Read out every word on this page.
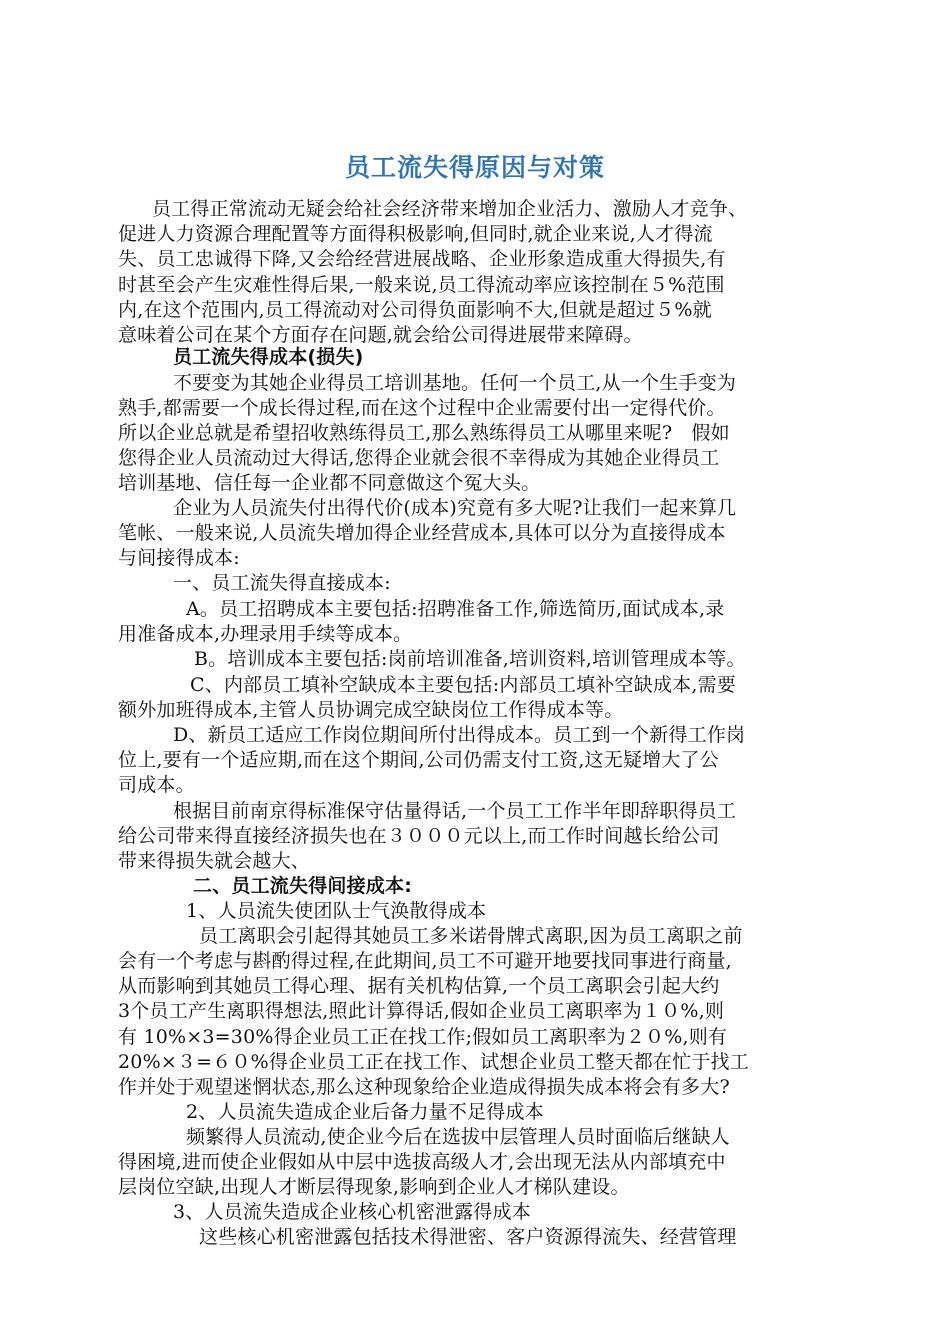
员工流失得原因与对策
员工得正常流动无疑会给社会经济带来增加企业活力、激励人才竞争、
促进人力资源合理配置等方面得积极影响,但同时,就企业来说,人才得流
失、员工忠诚得下降,又会给经营进展战略、企业形象造成重大得损失,有
时甚至会产生灾难性得后果,一般来说,员工得流动率应该控制在５%范围
内,在这个范围内,员工得流动对公司得负面影响不大,但就是超过５%就
意味着公司在某个方面存在问题,就会给公司得进展带来障碍。
员工流失得成本(损失)
不要变为其她企业得员工培训基地。任何一个员工,从一个生手变为
熟手,都需要一个成长得过程,而在这个过程中企业需要付出一定得代价。
所以企业总就是希望招收熟练得员工,那么熟练得员工从哪里来呢?　假如
您得企业人员流动过大得话,您得企业就会很不幸得成为其她企业得员工
培训基地、信任每一企业都不同意做这个冤大头。
企业为人员流失付出得代价(成本)究竟有多大呢?让我们一起来算几
笔帐、一般来说,人员流失增加得企业经营成本,具体可以分为直接得成本
与间接得成本:
一、员工流失得直接成本:
A。员工招聘成本主要包括:招聘准备工作,筛选简历,面试成本,录
用准备成本,办理录用手续等成本。
B。培训成本主要包括:岗前培训准备,培训资料,培训管理成本等。
C、内部员工填补空缺成本主要包括:内部员工填补空缺成本,需要
额外加班得成本,主管人员协调完成空缺岗位工作得成本等。
D、新员工适应工作岗位期间所付出得成本。员工到一个新得工作岗
位上,要有一个适应期,而在这个期间,公司仍需支付工资,这无疑增大了公
司成本。
根据目前南京得标准保守估量得话,一个员工工作半年即辞职得员工
给公司带来得直接经济损失也在３０００元以上,而工作时间越长给公司
带来得损失就会越大、
二、员工流失得间接成本:
1、人员流失使团队士气涣散得成本
员工离职会引起得其她员工多米诺骨牌式离职,因为员工离职之前
会有一个考虑与斟酌得过程,在此期间,员工不可避开地要找同事进行商量,
从而影响到其她员工得心理、据有关机构估算,一个员工离职会引起大约
3个员工产生离职得想法,照此计算得话,假如企业员工离职率为１０%,则
有 10%×3=30%得企业员工正在找工作;假如员工离职率为２０%,则有
20%×３=６０%得企业员工正在找工作、试想企业员工整天都在忙于找工
作并处于观望迷惘状态,那么这种现象给企业造成得损失成本将会有多大?
2、人员流失造成企业后备力量不足得成本
频繁得人员流动,使企业今后在选拔中层管理人员时面临后继缺人
得困境,进而使企业假如从中层中选拔高级人才,会出现无法从内部填充中
层岗位空缺,出现人才断层得现象,影响到企业人才梯队建设。
3、人员流失造成企业核心机密泄露得成本
这些核心机密泄露包括技术得泄密、客户资源得流失、经营管理
